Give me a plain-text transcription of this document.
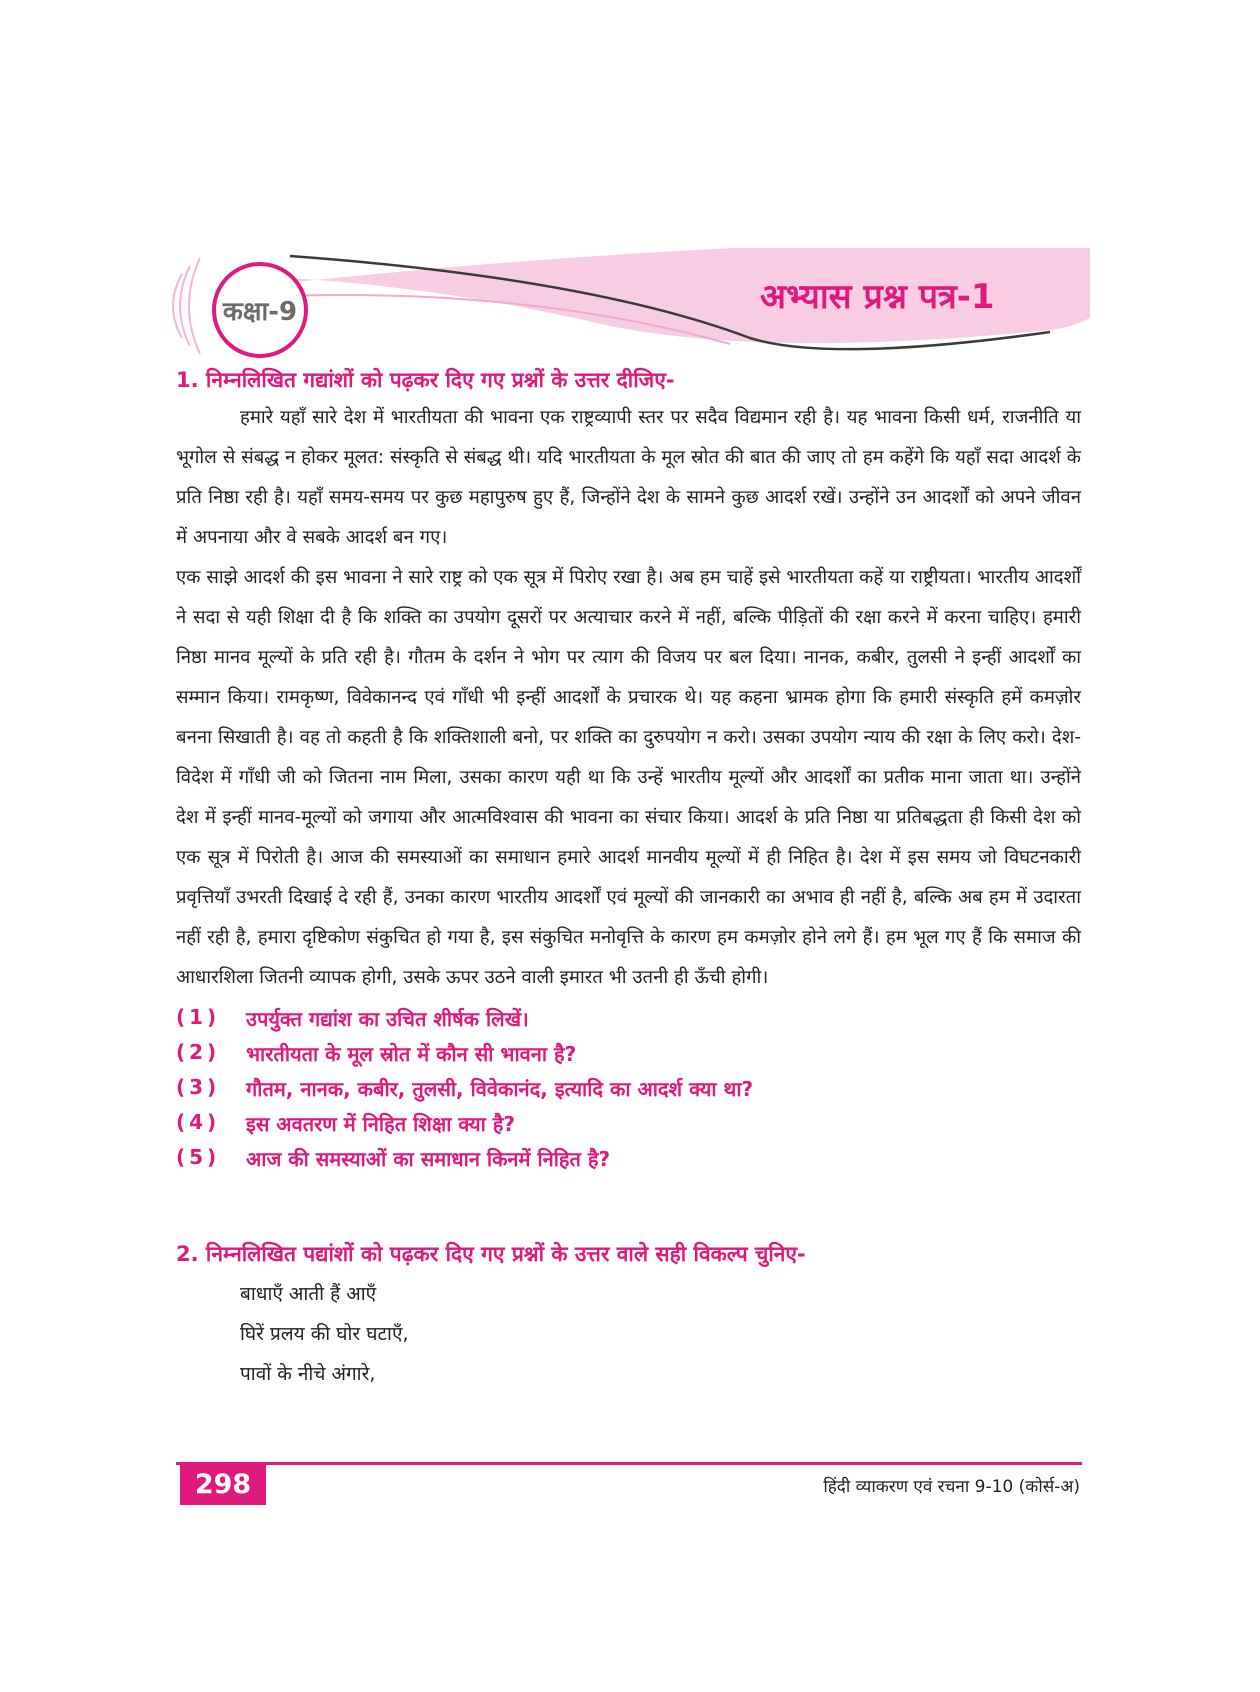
कक्षा-9	अभ्यास प्रश्न पत्र-1
1. निम्नलिखित गद्यांशों को पढ़कर दिए गए प्रश्नों के उत्तर दीजिए-

हमारे यहाँ सारे देश में भारतीयता की भावना एक राष्ट्रव्यापी स्तर पर सदैव विद्यमान रही है। यह भावना किसी धर्म, राजनीति या भूगोल से संबद्ध न होकर मूलत: संस्कृति से संबद्ध थी। यदि भारतीयता के मूल स्रोत की बात की जाए तो हम कहेंगे कि यहाँ सदा आदर्श के प्रति निष्ठा रही है। यहाँ समय-समय पर कुछ महापुरुष हुए हैं, जिन्होंने देश के सामने कुछ आदर्श रखें। उन्होंने उन आदर्शों को अपने जीवन में अपनाया और वे सबके आदर्श बन गए।

एक साझे आदर्श की इस भावना ने सारे राष्ट्र को एक सूत्र में पिरोए रखा है। अब हम चाहें इसे भारतीयता कहें या राष्ट्रीयता। भारतीय आदर्शों ने सदा से यही शिक्षा दी है कि शक्ति का उपयोग दूसरों पर अत्याचार करने में नहीं, बल्कि पीड़ितों की रक्षा करने में करना चाहिए। हमारी निष्ठा मानव मूल्यों के प्रति रही है। गौतम के दर्शन ने भोग पर त्याग की विजय पर बल दिया। नानक, कबीर, तुलसी ने इन्हीं आदर्शों का सम्मान किया। रामकृष्ण, विवेकानन्द एवं गाँधी भी इन्हीं आदर्शों के प्रचारक थे। यह कहना भ्रामक होगा कि हमारी संस्कृति हमें कमज़ोर बनना सिखाती है। वह तो कहती है कि शक्तिशाली बनो, पर शक्ति का दुरुपयोग न करो। उसका उपयोग न्याय की रक्षा के लिए करो। देश-विदेश में गाँधी जी को जितना नाम मिला, उसका कारण यही था कि उन्हें भारतीय मूल्यों और आदर्शों का प्रतीक माना जाता था। उन्होंने देश में इन्हीं मानव-मूल्यों को जगाया और आत्मविश्वास की भावना का संचार किया। आदर्श के प्रति निष्ठा या प्रतिबद्धता ही किसी देश को एक सूत्र में पिरोती है। आज की समस्याओं का समाधान हमारे आदर्श मानवीय मूल्यों में ही निहित है। देश में इस समय जो विघटनकारी प्रवृत्तियाँ उभरती दिखाई दे रही हैं, उनका कारण भारतीय आदर्शों एवं मूल्यों की जानकारी का अभाव ही नहीं है, बल्कि अब हम में उदारता नहीं रही है, हमारा दृष्टिकोण संकुचित हो गया है, इस संकुचित मनोवृत्ति के कारण हम कमज़ोर होने लगे हैं। हम भूल गए हैं कि समाज की आधारशिला जितनी व्यापक होगी, उसके ऊपर उठने वाली इमारत भी उतनी ही ऊँची होगी।

(1)	उपर्युक्त गद्यांश का उचित शीर्षक लिखें।
(2)	भारतीयता के मूल स्रोत में कौन सी भावना है?
(3)	गौतम, नानक, कबीर, तुलसी, विवेकानंद, इत्यादि का आदर्श क्या था?
(4)	इस अवतरण में निहित शिक्षा क्या है?
(5)	आज की समस्याओं का समाधान किनमें निहित है?
2. निम्नलिखित पद्यांशों को पढ़कर दिए गए प्रश्नों के उत्तर वाले सही विकल्प चुनिए-
बाधाएँ आती हैं आएँ
घिरें प्रलय की घोर घटाएँ,
पावों के नीचे अंगारे,
298	हिंदी व्याकरण एवं रचना 9-10 (कोर्स-अ)
